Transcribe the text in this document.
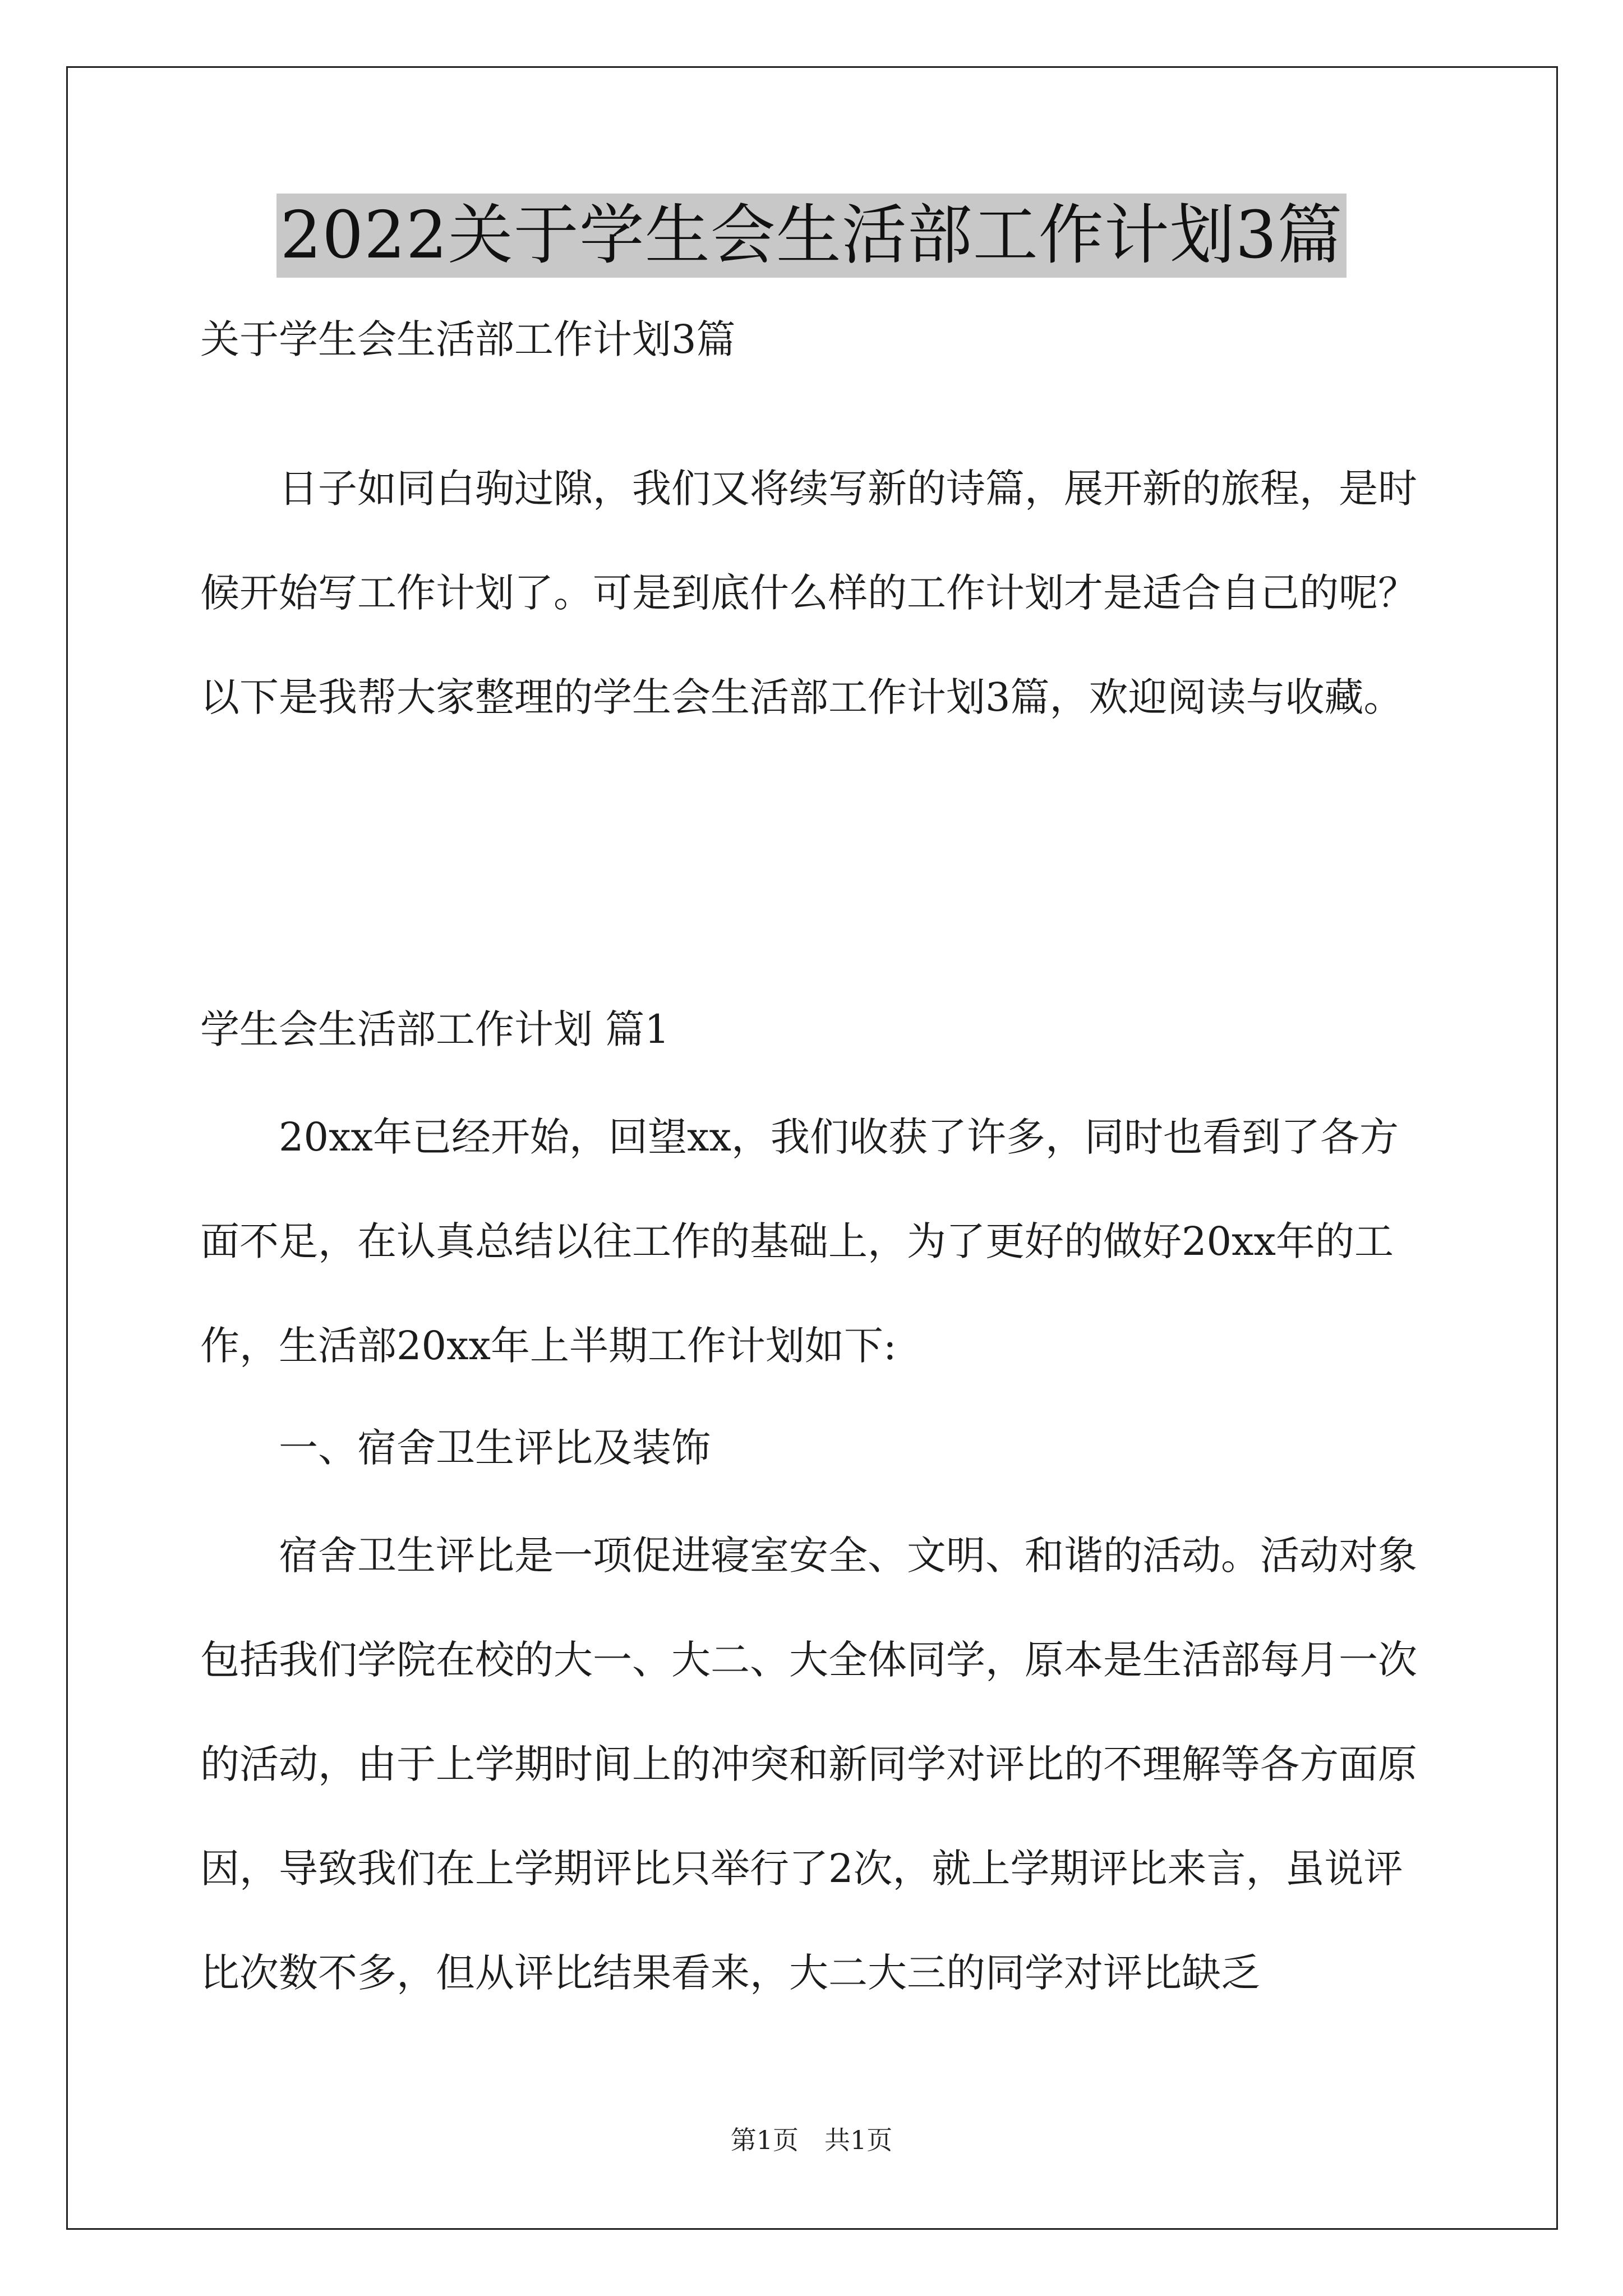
2022关于学生会生活部工作计划3篇

关于学生会生活部工作计划3篇

日子如同白驹过隙，我们又将续写新的诗篇，展开新的旅程，是时候开始写工作计划了。可是到底什么样的工作计划才是适合自己的呢？以下是我帮大家整理的学生会生活部工作计划3篇，欢迎阅读与收藏。

学生会生活部工作计划 篇1

20xx年已经开始，回望xx，我们收获了许多，同时也看到了各方面不足，在认真总结以往工作的基础上，为了更好的做好20xx年的工作，生活部20xx年上半期工作计划如下:

一、宿舍卫生评比及装饰

宿舍卫生评比是一项促进寝室安全、文明、和谐的活动。活动对象包括我们学院在校的大一、大二、大全体同学，原本是生活部每月一次的活动，由于上学期时间上的冲突和新同学对评比的不理解等各方面原因，导致我们在上学期评比只举行了2次，就上学期评比来言，虽说评比次数不多，但从评比结果看来，大二大三的同学对评比缺乏

第1页　共1页
